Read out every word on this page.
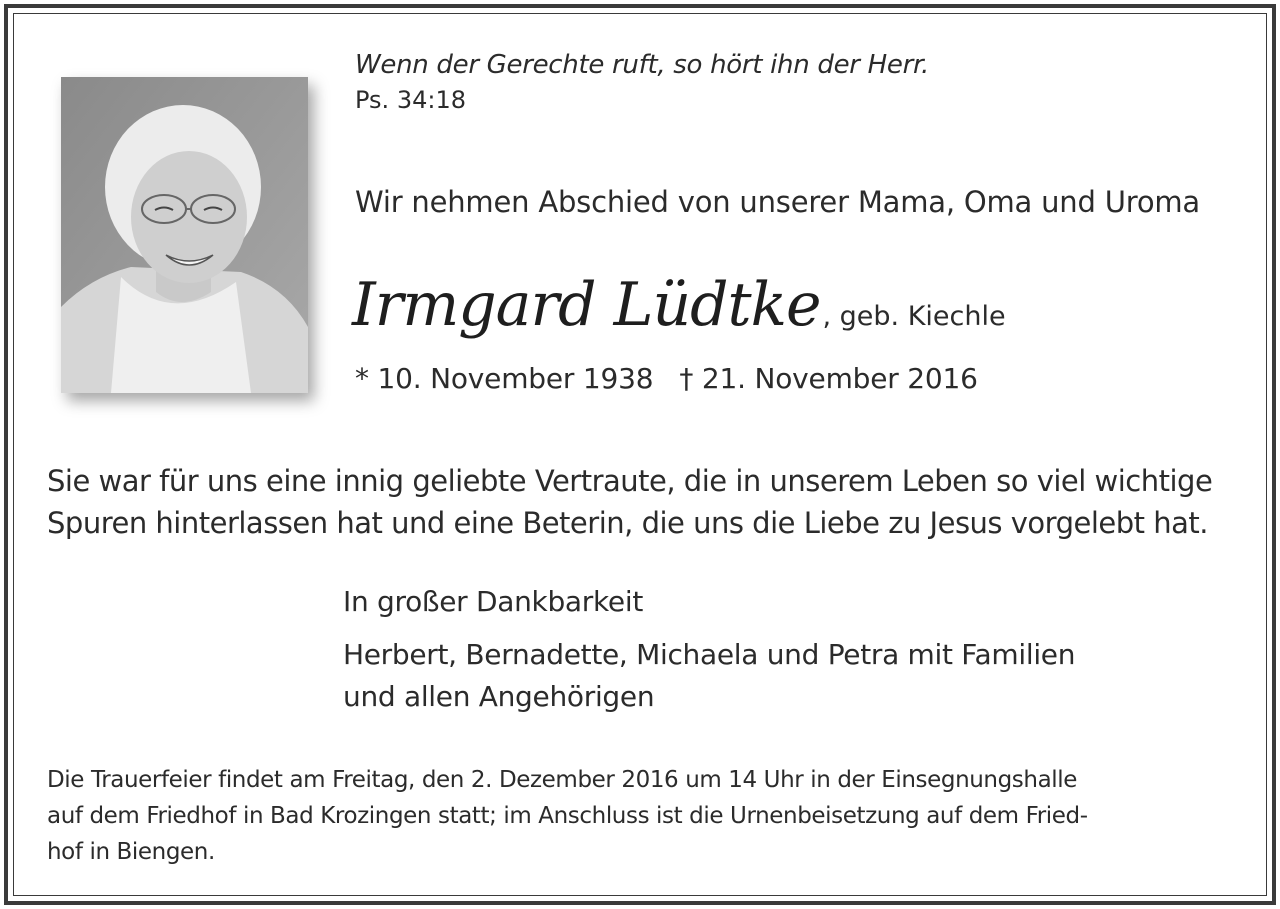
Wenn der Gerechte ruft, so hört ihn der Herr.
Ps. 34:18
Wir nehmen Abschied von unserer Mama, Oma und Uroma
Irmgard Lüdtke, geb. Kiechle
* 10. November 1938 † 21. November 2016
Sie war für uns eine innig geliebte Vertraute, die in unserem Leben so viel wichtige
Spuren hinterlassen hat und eine Beterin, die uns die Liebe zu Jesus vorgelebt hat.
In großer Dankbarkeit
Herbert, Bernadette, Michaela und Petra mit Familien
und allen Angehörigen
Die Trauerfeier findet am Freitag, den 2. Dezember 2016 um 14 Uhr in der Einsegnungshalle
auf dem Friedhof in Bad Krozingen statt; im Anschluss ist die Urnenbeisetzung auf dem Fried-
hof in Biengen.
